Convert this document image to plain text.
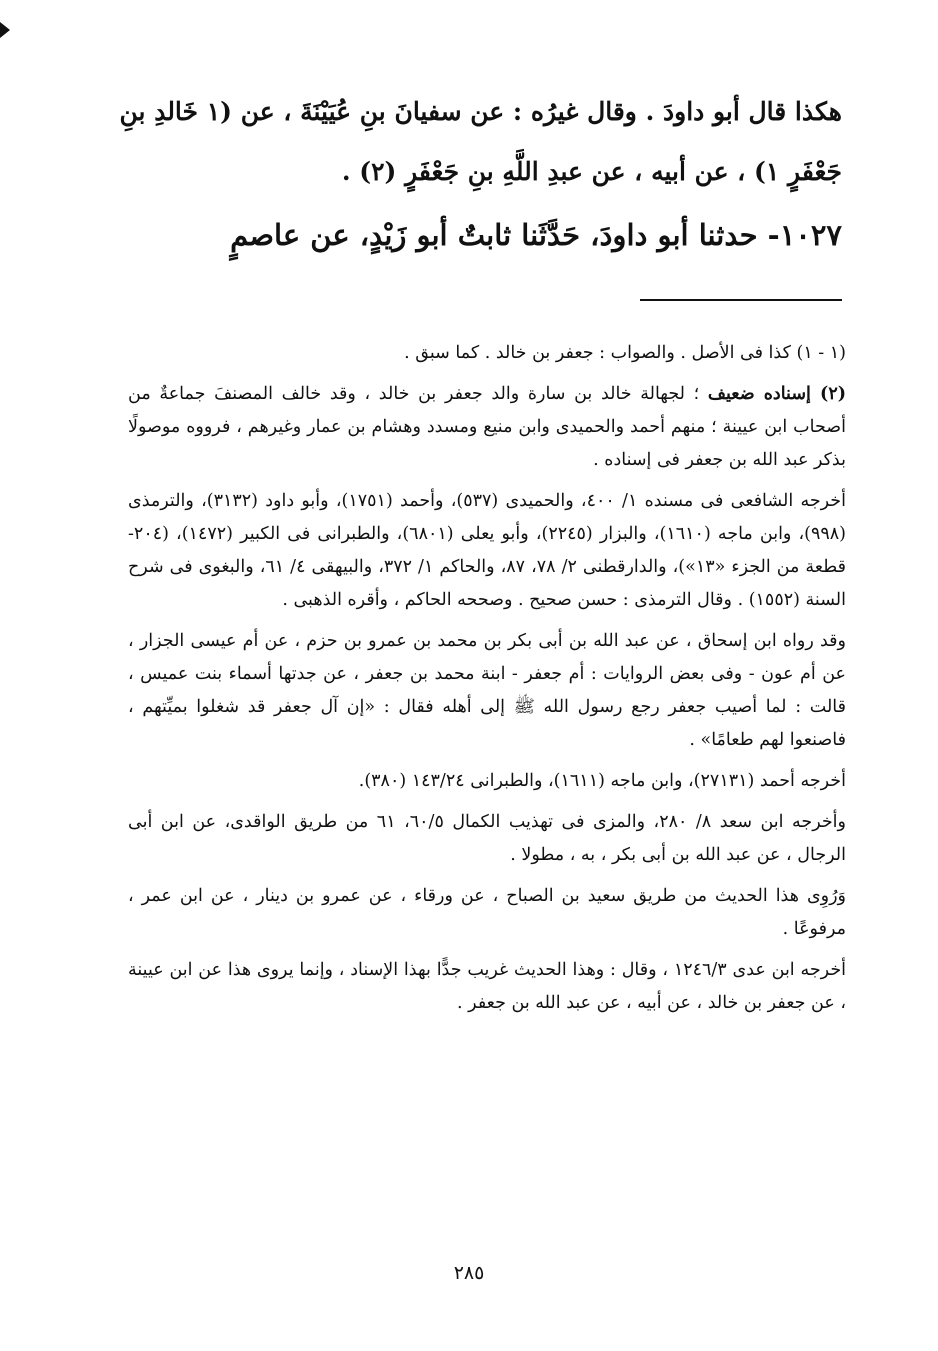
هكذا قال أبو داودَ . وقال غيرُه : عن سفيانَ بنِ عُيَيْنَةَ ، عن (١ خَالدِ بنِ
جَعْفَرٍ ١) ، عن أبيه ، عن عبدِ اللَّهِ بنِ جَعْفَرٍ (٢) .
١٠٢٧- حدثنا أبو داودَ، حَدَّثَنا ثابتٌ أبو زَيْدٍ، عن عاصمٍ

(١ - ١) كذا فى الأصل . والصواب : جعفر بن خالد . كما سبق .

(٢) إسناده ضعيف ؛ لجهالة خالد بن سارة والد جعفر بن خالد ، وقد خالف المصنفَ جماعةٌ من أصحاب ابن عيينة ؛ منهم أحمد والحميدى وابن منيع ومسدد وهشام بن عمار وغيرهم ، فرووه موصولًا بذكر عبد الله بن جعفر فى إسناده .

أخرجه الشافعى فى مسنده ١/ ٤٠٠، والحميدى (٥٣٧)، وأحمد (١٧٥١)، وأبو داود (٣١٣٢)، والترمذى (٩٩٨)، وابن ماجه (١٦١٠)، والبزار (٢٢٤٥)، وأبو يعلى (٦٨٠١)، والطبرانى فى الكبير (١٤٧٢)، (٢٠٤- قطعة من الجزء «١٣»)، والدارقطنى ٢/ ٧٨، ٨٧، والحاكم ١/ ٣٧٢، والبيهقى ٤/ ٦١، والبغوى فى شرح السنة (١٥٥٢) . وقال الترمذى : حسن صحيح . وصححه الحاكم ، وأقره الذهبى .

وقد رواه ابن إسحاق ، عن عبد الله بن أبى بكر بن محمد بن عمرو بن حزم ، عن أم عيسى الجزار ، عن أم عون - وفى بعض الروايات : أم جعفر - ابنة محمد بن جعفر ، عن جدتها أسماء بنت عميس ، قالت : لما أصيب جعفر رجع رسول الله ﷺ إلى أهله فقال : «إن آل جعفر قد شغلوا بميِّتهم ، فاصنعوا لهم طعامًا» .

أخرجه أحمد (٢٧١٣١)، وابن ماجه (١٦١١)، والطبرانى ١٤٣/٢٤ (٣٨٠).

وأخرجه ابن سعد ٨/ ٢٨٠، والمزى فى تهذيب الكمال ٦٠/٥، ٦١ من طريق الواقدى، عن ابن أبى الرجال ، عن عبد الله بن أبى بكر ، به ، مطولا .

وَرُوِى هذا الحديث من طريق سعيد بن الصباح ، عن ورقاء ، عن عمرو بن دينار ، عن ابن عمر ، مرفوعًا .

أخرجه ابن عدى ١٢٤٦/٣ ، وقال : وهذا الحديث غريب جدًّا بهذا الإسناد ، وإنما يروى هذا عن ابن عيينة ، عن جعفر بن خالد ، عن أبيه ، عن عبد الله بن جعفر .

٢٨٥
